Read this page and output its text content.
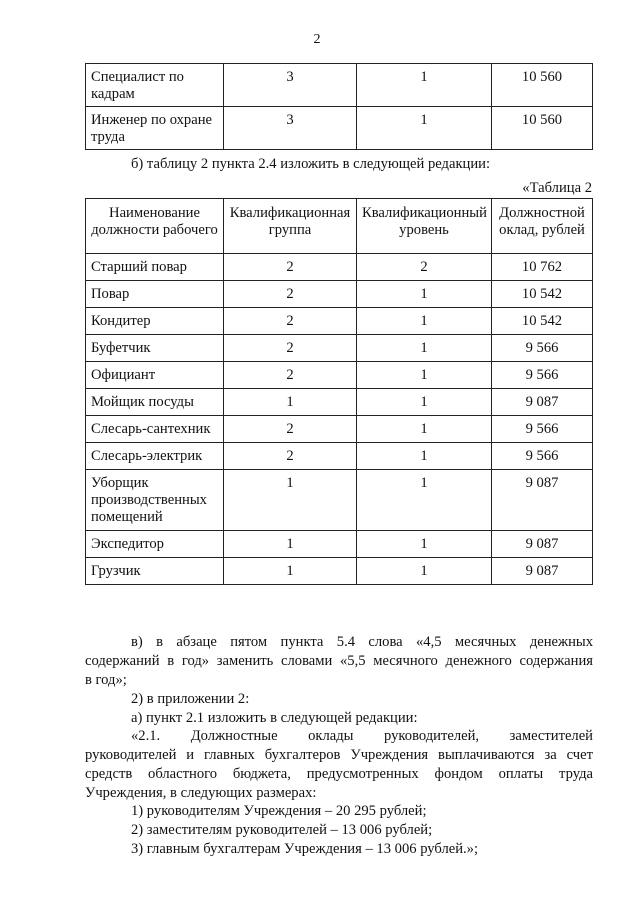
2
Специалист по кадрам	3	1	10 560
Инженер по охране труда	3	1	10 560
б) таблицу 2 пункта 2.4 изложить в следующей редакции:
«Таблица 2
Наименование должности рабочего	Квалификационная группа	Квалификационный уровень	Должностной оклад, рублей
Старший повар	2	2	10 762
Повар	2	1	10 542
Кондитер	2	1	10 542
Буфетчик	2	1	9 566
Официант	2	1	9 566
Мойщик посуды	1	1	9 087
Слесарь-сантехник	2	1	9 566
Слесарь-электрик	2	1	9 566
Уборщик производственных помещений	1	1	9 087
Экспедитор	1	1	9 087
Грузчик	1	1	9 087
в) в абзаце пятом пункта 5.4 слова «4,5 месячных денежных
содержаний в год» заменить словами «5,5 месячного денежного содержания
в год»;
2) в приложении 2:
а) пункт 2.1 изложить в следующей редакции:
«2.1. Должностные оклады руководителей, заместителей
руководителей и главных бухгалтеров Учреждения выплачиваются за счет
средств областного бюджета, предусмотренных фондом оплаты труда
Учреждения, в следующих размерах:
1) руководителям Учреждения – 20 295 рублей;
2) заместителям руководителей – 13 006 рублей;
3) главным бухгалтерам Учреждения – 13 006 рублей.»;
